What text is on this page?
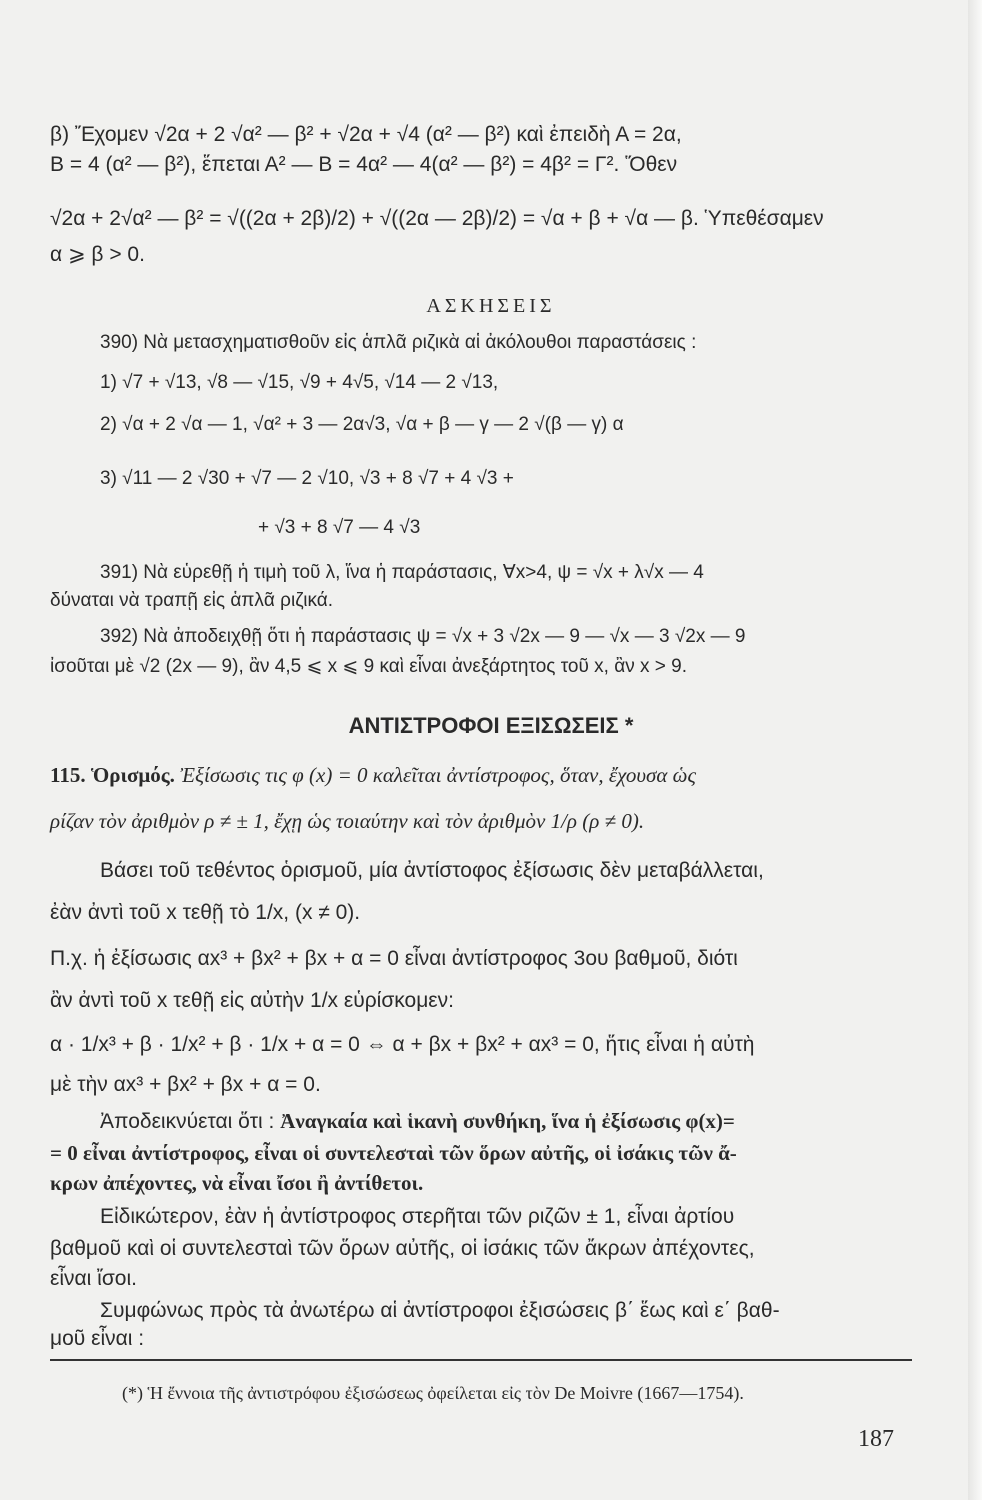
β) Ἔχομεν √2α + 2 √α² — β² + √2α + √4 (α² — β²) καὶ ἐπειδὴ Α = 2α,
Β = 4 (α² — β²), ἕπεται Α² — Β = 4α² — 4(α² — β²) = 4β² = Γ². Ὅθεν
√2α + 2√α² — β² = √((2α + 2β)/2) + √((2α — 2β)/2) = √α + β + √α — β. Ὑπεθέσαμεν
α ⩾ β > 0.
ΑΣΚΗΣΕΙΣ
390) Νὰ μετασχηματισθοῦν εἰς ἁπλᾶ ριζικὰ αἱ ἀκόλουθοι παραστάσεις :
1) √7 + √13, √8 — √15, √9 + 4√5, √14 — 2 √13,
2) √α + 2 √α — 1, √α² + 3 — 2α√3, √α + β — γ — 2 √(β — γ) α
3) √11 — 2 √30 + √7 — 2 √10, √3 + 8 √7 + 4 √3 +
+ √3 + 8 √7 — 4 √3
391) Νὰ εὑρεθῇ ἡ τιμὴ τοῦ λ, ἵνα ἡ παράστασις, ∀x>4, ψ = √x + λ√x — 4
δύναται νὰ τραπῇ εἰς ἁπλᾶ ριζικά.
392) Νὰ ἀποδειχθῇ ὅτι ἡ παράστασις ψ = √x + 3 √2x — 9 — √x — 3 √2x — 9
ἰσοῦται μὲ √2 (2x — 9), ἂν 4,5 ⩽ x ⩽ 9 καὶ εἶναι ἀνεξάρτητος τοῦ x, ἂν x > 9.
ΑΝΤΙΣΤΡΟΦΟΙ ΕΞΙΣΩΣΕΙΣ *
115. Ὁρισμός. Ἐξίσωσις τις φ (x) = 0 καλεῖται ἀντίστροφος, ὅταν, ἔχουσα ὡς
ρίζαν τὸν ἀριθμὸν ρ ≠ ± 1, ἔχῃ ὡς τοιαύτην καὶ τὸν ἀριθμὸν 1/ρ (ρ ≠ 0).
Βάσει τοῦ τεθέντος ὁρισμοῦ, μία ἀντίστοφος ἐξίσωσις δὲν μεταβάλλεται,
ἐὰν ἀντὶ τοῦ x τεθῇ τὸ 1/x, (x ≠ 0).
Π.χ. ἡ ἐξίσωσις αx³ + βx² + βx + α = 0 εἶναι ἀντίστροφος 3ου βαθμοῦ, διότι
ἂν ἀντὶ τοῦ x τεθῇ εἰς αὐτὴν 1/x εὑρίσκομεν:
α · 1/x³ + β · 1/x² + β · 1/x + α = 0 ⇔ α + βx + βx² + αx³ = 0, ἥτις εἶναι ἡ αὐτὴ
μὲ τὴν αx³ + βx² + βx + α = 0.
Ἀποδεικνύεται ὅτι : Ἀναγκαία καὶ ἱκανὴ συνθήκη, ἵνα ἡ ἐξίσωσις φ(x)=
= 0 εἶναι ἀντίστροφος, εἶναι οἱ συντελεσταὶ τῶν ὅρων αὐτῆς, οἱ ἰσάκις τῶν ἄ-
κρων ἀπέχοντες, νὰ εἶναι ἴσοι ἢ ἀντίθετοι.
Εἰδικώτερον, ἐὰν ἡ ἀντίστροφος στερῆται τῶν ριζῶν ± 1, εἶναι ἀρτίου
βαθμοῦ καὶ οἱ συντελεσταὶ τῶν ὅρων αὐτῆς, οἱ ἰσάκις τῶν ἄκρων ἀπέχοντες,
εἶναι ἴσοι.
Συμφώνως πρὸς τὰ ἀνωτέρω αἱ ἀντίστροφοι ἐξισώσεις β΄ ἕως καὶ ε΄ βαθ-
μοῦ εἶναι :
(*) Ἡ ἔννοια τῆς ἀντιστρόφου ἐξισώσεως ὀφείλεται εἰς τὸν De Moivre (1667—1754).
187
